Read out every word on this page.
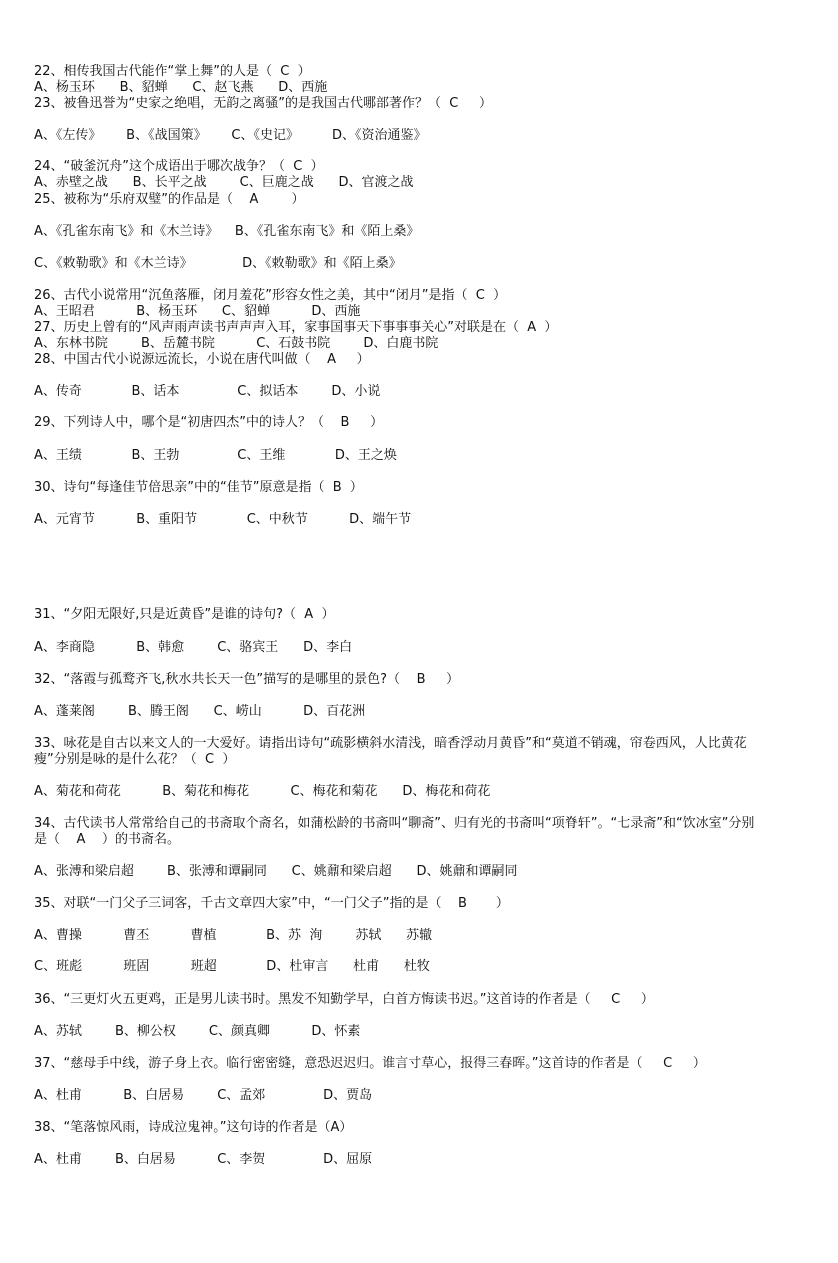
22、相传我国古代能作“掌上舞”的人是（  C  ）
A、杨玉环      B、貂蝉      C、赵飞燕      D、西施
23、被鲁迅誉为“史家之绝唱，无韵之离骚”的是我国古代哪部著作？（  C     ）
A、《左传》      B、《战国策》      C、《史记》        D、《资治通鉴》
24、“破釜沉舟”这个成语出于哪次战争？（  C  ）
A、赤壁之战      B、长平之战        C、巨鹿之战      D、官渡之战
25、被称为“乐府双璧”的作品是（    A        ）
A、《孔雀东南飞》和《木兰诗》    B、《孔雀东南飞》和《陌上桑》
C、《敕勒歌》和《木兰诗》            D、《敕勒歌》和《陌上桑》
26、古代小说常用“沉鱼落雁，闭月羞花”形容女性之美，其中“闭月”是指（  C  ）
A、王昭君          B、杨玉环      C、貂蝉          D、西施
27、历史上曾有的“风声雨声读书声声声入耳，家事国事天下事事事关心”对联是在（  A  ）
A、东林书院        B、岳麓书院          C、石鼓书院        D、白鹿书院
28、中国古代小说源远流长，小说在唐代叫做（    A     ）
A、传奇            B、话本              C、拟话本        D、小说
29、下列诗人中，哪个是“初唐四杰”中的诗人？（    B     ）
A、王绩            B、王勃              C、王维            D、王之焕
30、诗句“每逢佳节倍思亲”中的“佳节”原意是指（  B  ）
A、元宵节          B、重阳节            C、中秋节          D、端午节
31、“夕阳无限好,只是近黄昏”是谁的诗句?（  A  ）
A、李商隐          B、韩愈        C、骆宾王      D、李白
32、“落霞与孤鹜齐飞,秋水共长天一色”描写的是哪里的景色?（    B     ）
A、蓬莱阁        B、腾王阁      C、崂山          D、百花洲
33、咏花是自古以来文人的一大爱好。请指出诗句“疏影横斜水清浅，暗香浮动月黄昏”和“莫道不销魂，帘卷西风，人比黄花
瘦”分别是咏的是什么花？（  C  ）
A、菊花和荷花          B、菊花和梅花          C、梅花和菊花      D、梅花和荷花
34、古代读书人常常给自己的书斋取个斋名，如蒲松龄的书斋叫“聊斋”、归有光的书斋叫“项脊轩”。“七录斋”和“饮冰室”分别
是（    A    ）的书斋名。
A、张溥和梁启超        B、张溥和谭嗣同      C、姚鼐和梁启超      D、姚鼐和谭嗣同
35、对联“一门父子三词客，千古文章四大家”中，“一门父子”指的是（    B       ）
A、曹操          曹丕          曹植            B、苏  洵        苏轼      苏辙
C、班彪          班固          班超            D、杜审言      杜甫      杜牧
36、“三更灯火五更鸡，正是男儿读书时。黑发不知勤学早，白首方悔读书迟。”这首诗的作者是（     C     ）
A、苏轼        B、柳公权        C、颜真卿          D、怀素
37、“慈母手中线，游子身上衣。临行密密缝，意恐迟迟归。谁言寸草心，报得三春晖。”这首诗的作者是（     C     ）
A、杜甫          B、白居易        C、孟郊              D、贾岛
38、“笔落惊风雨，诗成泣鬼神。”这句诗的作者是（A）
A、杜甫        B、白居易          C、李贺              D、屈原
